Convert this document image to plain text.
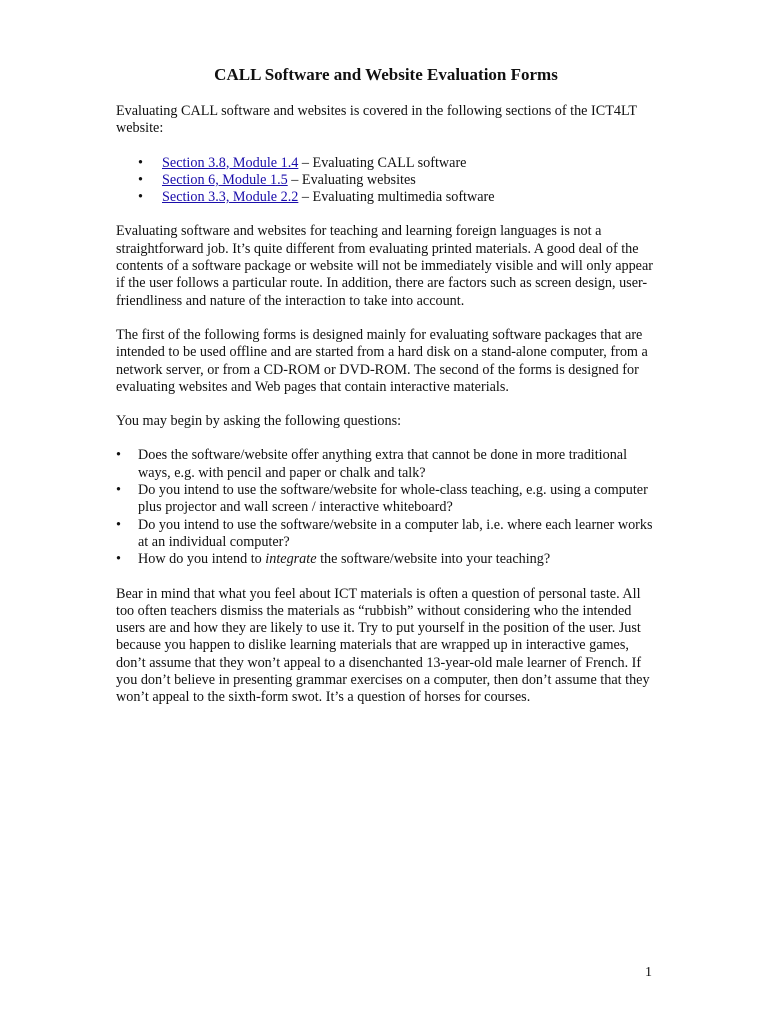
CALL Software and Website Evaluation Forms

Evaluating CALL software and websites is covered in the following sections of the ICT4LT website:

• Section 3.8, Module 1.4 – Evaluating CALL software
• Section 6, Module 1.5 – Evaluating websites
• Section 3.3, Module 2.2 – Evaluating multimedia software

Evaluating software and websites for teaching and learning foreign languages is not a straightforward job. It’s quite different from evaluating printed materials. A good deal of the contents of a software package or website will not be immediately visible and will only appear if the user follows a particular route. In addition, there are factors such as screen design, user-friendliness and nature of the interaction to take into account.

The first of the following forms is designed mainly for evaluating software packages that are intended to be used offline and are started from a hard disk on a stand-alone computer, from a network server, or from a CD-ROM or DVD-ROM. The second of the forms is designed for evaluating websites and Web pages that contain interactive materials.

You may begin by asking the following questions:

• Does the software/website offer anything extra that cannot be done in more traditional ways, e.g. with pencil and paper or chalk and talk?
• Do you intend to use the software/website for whole-class teaching, e.g. using a computer plus projector and wall screen / interactive whiteboard?
• Do you intend to use the software/website in a computer lab, i.e. where each learner works at an individual computer?
• How do you intend to integrate the software/website into your teaching?

Bear in mind that what you feel about ICT materials is often a question of personal taste. All too often teachers dismiss the materials as “rubbish” without considering who the intended users are and how they are likely to use it. Try to put yourself in the position of the user. Just because you happen to dislike learning materials that are wrapped up in interactive games, don’t assume that they won’t appeal to a disenchanted 13-year-old male learner of French. If you don’t believe in presenting grammar exercises on a computer, then don’t assume that they won’t appeal to the sixth-form swot. It’s a question of horses for courses.

1
